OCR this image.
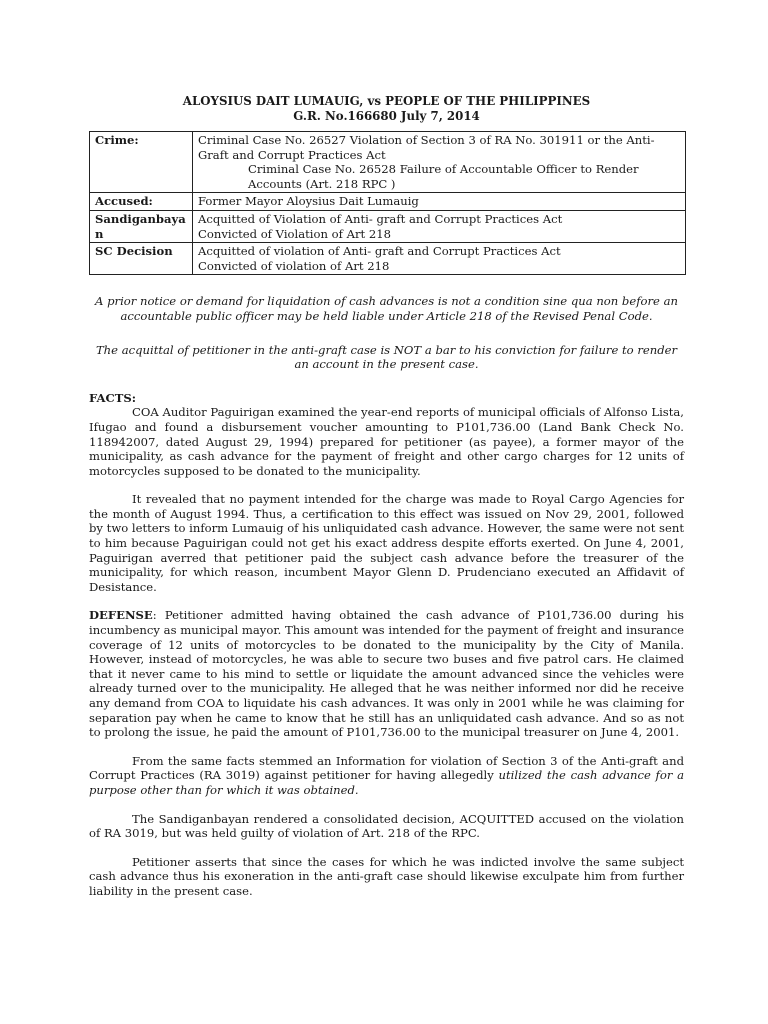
ALOYSIUS DAIT LUMAUIG, vs PEOPLE OF THE PHILIPPINES
G.R. No.166680 July 7, 2014
Crime:	Criminal Case No. 26527 Violation of Section 3 of RA No. 301911 or the Anti-Graft and Corrupt Practices Act
Criminal Case No. 26528 Failure of Accountable Officer to Render Accounts (Art. 218 RPC )

Accused:	Former Mayor Aloysius Dait Lumauig
Sandiganbayan	Acquitted of Violation of Anti- graft and Corrupt Practices Act
Convicted of Violation of Art 218

SC Decision	Acquitted of violation of Anti- graft and Corrupt Practices Act
Convicted of violation of Art 218
A prior notice or demand for liquidation of cash advances is not a condition sine qua non before an accountable public officer may be held liable under Article 218 of the Revised Penal Code.
The acquittal of petitioner in the anti-graft case is NOT a bar to his conviction for failure to render an account in the present case.
FACTS:

COA Auditor Paguirigan examined the year-end reports of municipal officials of Alfonso Lista, Ifugao and found a disbursement voucher amounting to P101,736.00 (Land Bank Check No. 118942007, dated August 29, 1994) prepared for petitioner (as payee), a former mayor of the municipality, as cash advance for the payment of freight and other cargo charges for 12 units of motorcycles supposed to be donated to the municipality.

It revealed that no payment intended for the charge was made to Royal Cargo Agencies for the month of August 1994. Thus, a certification to this effect was issued on Nov 29, 2001, followed by two letters to inform Lumauig of his unliquidated cash advance. However, the same were not sent to him because Paguirigan could not get his exact address despite efforts exerted. On June 4, 2001, Paguirigan averred that petitioner paid the subject cash advance before the treasurer of the municipality, for which reason, incumbent Mayor Glenn D. Prudenciano executed an Affidavit of Desistance.

DEFENSE: Petitioner admitted having obtained the cash advance of P101,736.00 during his incumbency as municipal mayor. This amount was intended for the payment of freight and insurance coverage of 12 units of motorcycles to be donated to the municipality by the City of Manila. However, instead of motorcycles, he was able to secure two buses and five patrol cars. He claimed that it never came to his mind to settle or liquidate the amount advanced since the vehicles were already turned over to the municipality. He alleged that he was neither informed nor did he receive any demand from COA to liquidate his cash advances. It was only in 2001 while he was claiming for separation pay when he came to know that he still has an unliquidated cash advance. And so as not to prolong the issue, he paid the amount of P101,736.00 to the municipal treasurer on June 4, 2001.

From the same facts stemmed an Information for violation of Section 3 of the Anti-graft and Corrupt Practices (RA 3019) against petitioner for having allegedly utilized the cash advance for a purpose other than for which it was obtained.

The Sandiganbayan rendered a consolidated decision, ACQUITTED accused on the violation of RA 3019, but was held guilty of violation of Art. 218 of the RPC.

Petitioner asserts that since the cases for which he was indicted involve the same subject cash advance thus his exoneration in the anti-graft case should likewise exculpate him from further liability in the present case.
